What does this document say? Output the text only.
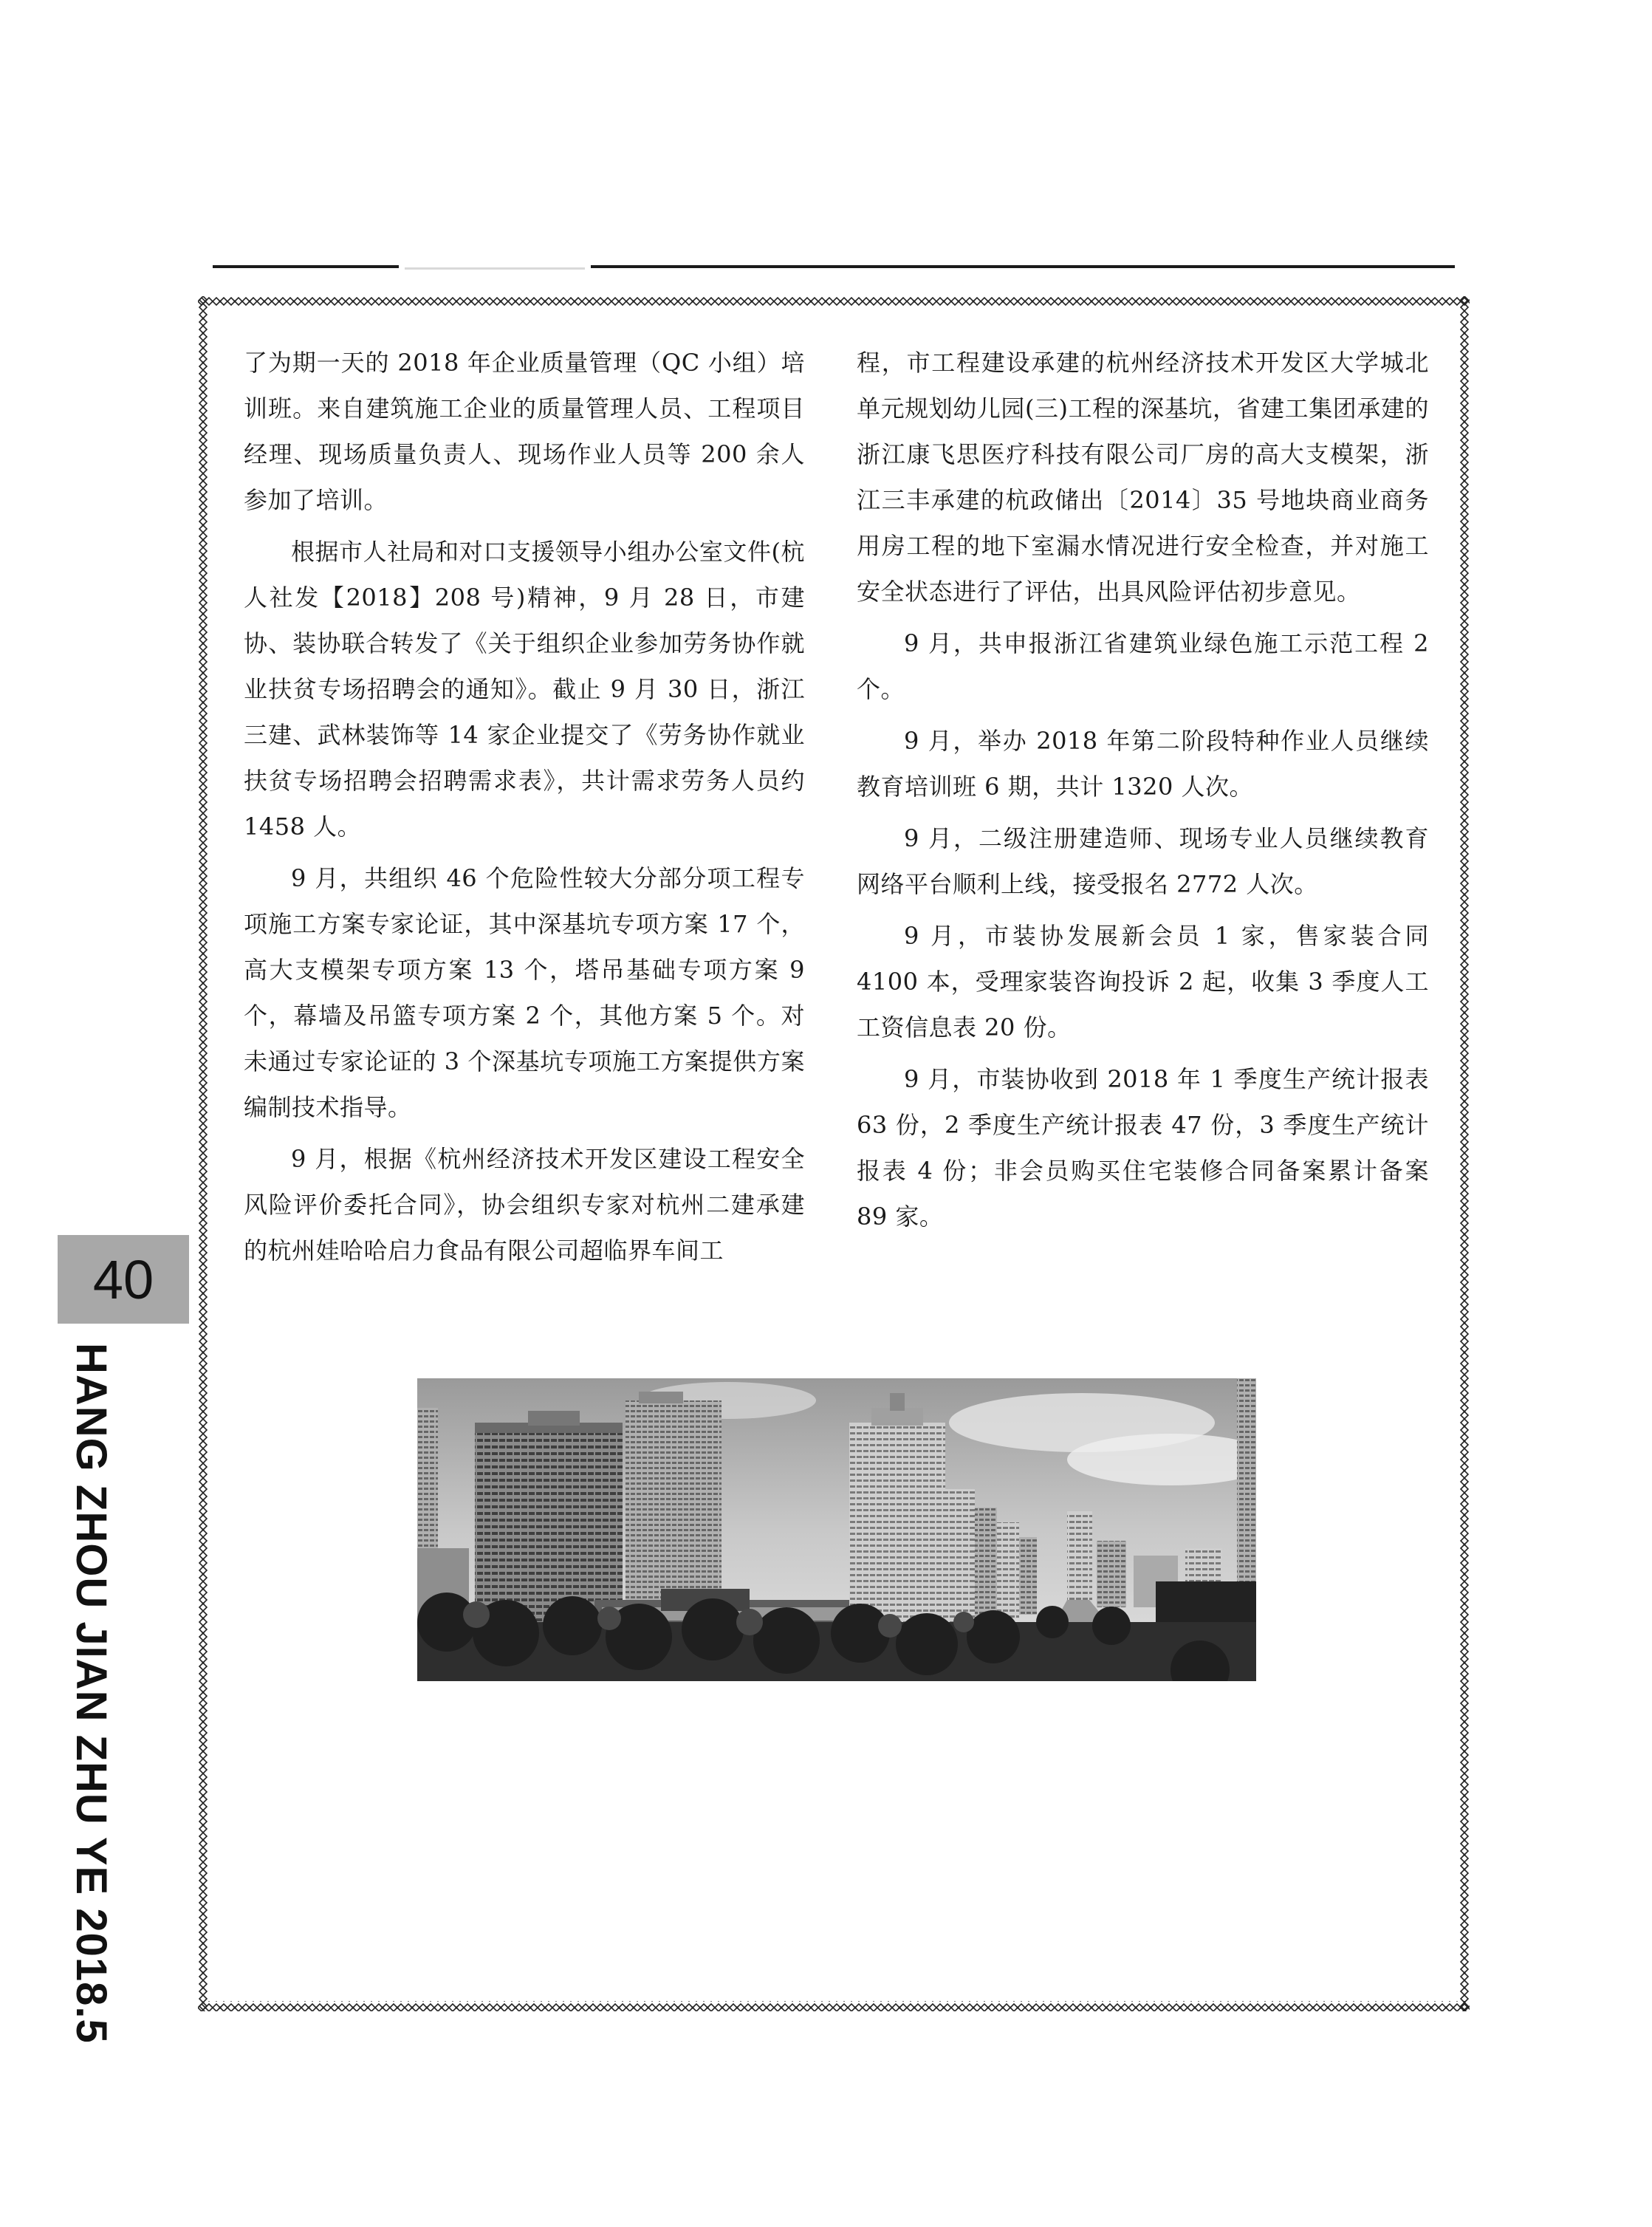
了为期一天的 2018 年企业质量管理（QC 小组）培训班。来自建筑施工企业的质量管理人员、工程项目经理、现场质量负责人、现场作业人员等 200 余人参加了培训。

根据市人社局和对口支援领导小组办公室文件(杭人社发【2018】208 号)精神，9 月 28 日，市建协、装协联合转发了《关于组织企业参加劳务协作就业扶贫专场招聘会的通知》。截止 9 月 30 日，浙江三建、武林装饰等 14 家企业提交了《劳务协作就业扶贫专场招聘会招聘需求表》，共计需求劳务人员约 1458 人。

9 月，共组织 46 个危险性较大分部分项工程专项施工方案专家论证，其中深基坑专项方案 17 个，高大支模架专项方案 13 个，塔吊基础专项方案 9 个，幕墙及吊篮专项方案 2 个，其他方案 5 个。对未通过专家论证的 3 个深基坑专项施工方案提供方案编制技术指导。

9 月，根据《杭州经济技术开发区建设工程安全风险评价委托合同》，协会组织专家对杭州二建承建的杭州娃哈哈启力食品有限公司超临界车间工

程，市工程建设承建的杭州经济技术开发区大学城北单元规划幼儿园(三)工程的深基坑，省建工集团承建的浙江康飞思医疗科技有限公司厂房的高大支模架，浙江三丰承建的杭政储出〔2014〕35 号地块商业商务用房工程的地下室漏水情况进行安全检查，并对施工安全状态进行了评估，出具风险评估初步意见。

9 月，共申报浙江省建筑业绿色施工示范工程 2 个。

9 月，举办 2018 年第二阶段特种作业人员继续教育培训班 6 期，共计 1320 人次。

9 月，二级注册建造师、现场专业人员继续教育网络平台顺利上线，接受报名 2772 人次。

9 月，市装协发展新会员 1 家，售家装合同 4100 本，受理家装咨询投诉 2 起，收集 3 季度人工工资信息表 20 份。

9 月，市装协收到 2018 年 1 季度生产统计报表 63 份，2 季度生产统计报表 47 份，3 季度生产统计报表 4 份；非会员购买住宅装修合同备案累计备案 89 家。

40
HANG ZHOU JIAN ZHU YE 2018.5
